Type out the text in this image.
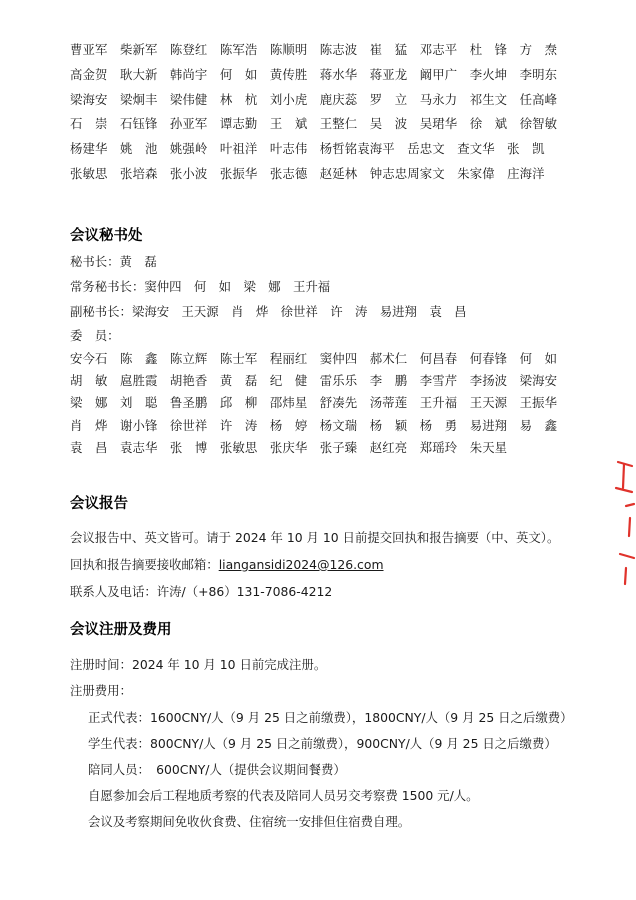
曹亚军　柴新军　陈登红　陈军浩　陈顺明　陈志波　崔　猛　邓志平　杜　锋　方　焘
高金贺　耿大新　韩尚宇　何　如　黄传胜　蒋水华　蒋亚龙　阚甲广　李火坤　李明东
梁海安　梁炯丰　梁伟健　林　杭　刘小虎　鹿庆蕊　罗　立　马永力　祁生文　任高峰
石　崇　石钰锋　孙亚军　谭志勤　王　斌　王整仁　吴　波　吴珺华　徐　斌　徐智敏
杨建华　姚　池　姚强岭　叶祖洋　叶志伟　杨哲铭袁海平　岳忠文　查文华　张　凯
张敏思　张培森　张小波　张振华　张志德　赵延林　钟志忠周家文　朱家偉　庄海洋
会议秘书处
秘书长：黄　磊
常务秘书长：窦仲四　何　如　梁　娜　王升福
副秘书长：梁海安　王天源　肖　烨　徐世祥　许　涛　易进翔　袁　昌
委　员：
安今石　陈　鑫　陈立辉　陈士军　程丽红　窦仲四　郝术仁　何昌春　何春锋　何　如
胡　敏　扈胜霞　胡艳香　黄　磊　纪　健　雷乐乐　李　鹏　李雪芹　李扬波　梁海安
梁　娜　刘　聪　鲁圣鹏　邱　柳　邵炜星　舒凑先　汤蒂莲　王升福　王天源　王振华
肖　烨　谢小锋　徐世祥　许　涛　杨　婷　杨文瑞　杨　颖　杨　勇　易进翔　易　鑫
袁　昌　袁志华　张　博　张敏思　张庆华　张子臻　赵红亮　郑瑶玲　朱天星
会议报告
会议报告中、英文皆可。请于 2024 年 10 月 10 日前提交回执和报告摘要（中、英文）。
回执和报告摘要接收邮箱：liangansidi2024@126.com
联系人及电话：许涛/（+86）131-7086-4212
会议注册及费用
注册时间：2024 年 10 月 10 日前完成注册。
注册费用：
正式代表：1600CNY/人（9 月 25 日之前缴费），1800CNY/人（9 月 25 日之后缴费）
学生代表：800CNY/人（9 月 25 日之前缴费），900CNY/人（9 月 25 日之后缴费）
陪同人员：　600CNY/人（提供会议期间餐费）
自愿参加会后工程地质考察的代表及陪同人员另交考察费 1500 元/人。
会议及考察期间免收伙食费、住宿统一安排但住宿费自理。
